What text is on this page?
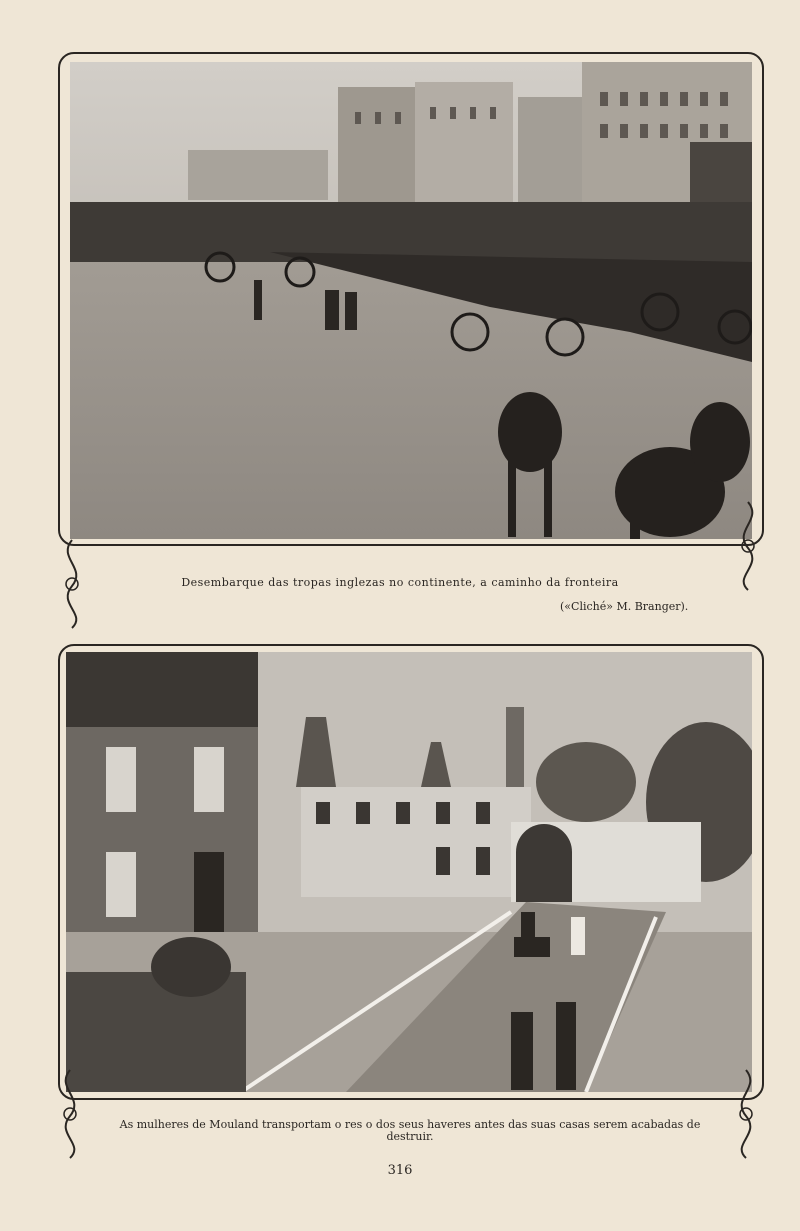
Desembarque das tropas inglezas no continente, a caminho da fronteira
(«Cliché» M. Branger).
As mulheres de Mouland transportam o res o dos seus haveres antes das suas casas serem acabadas de destruir.
316
